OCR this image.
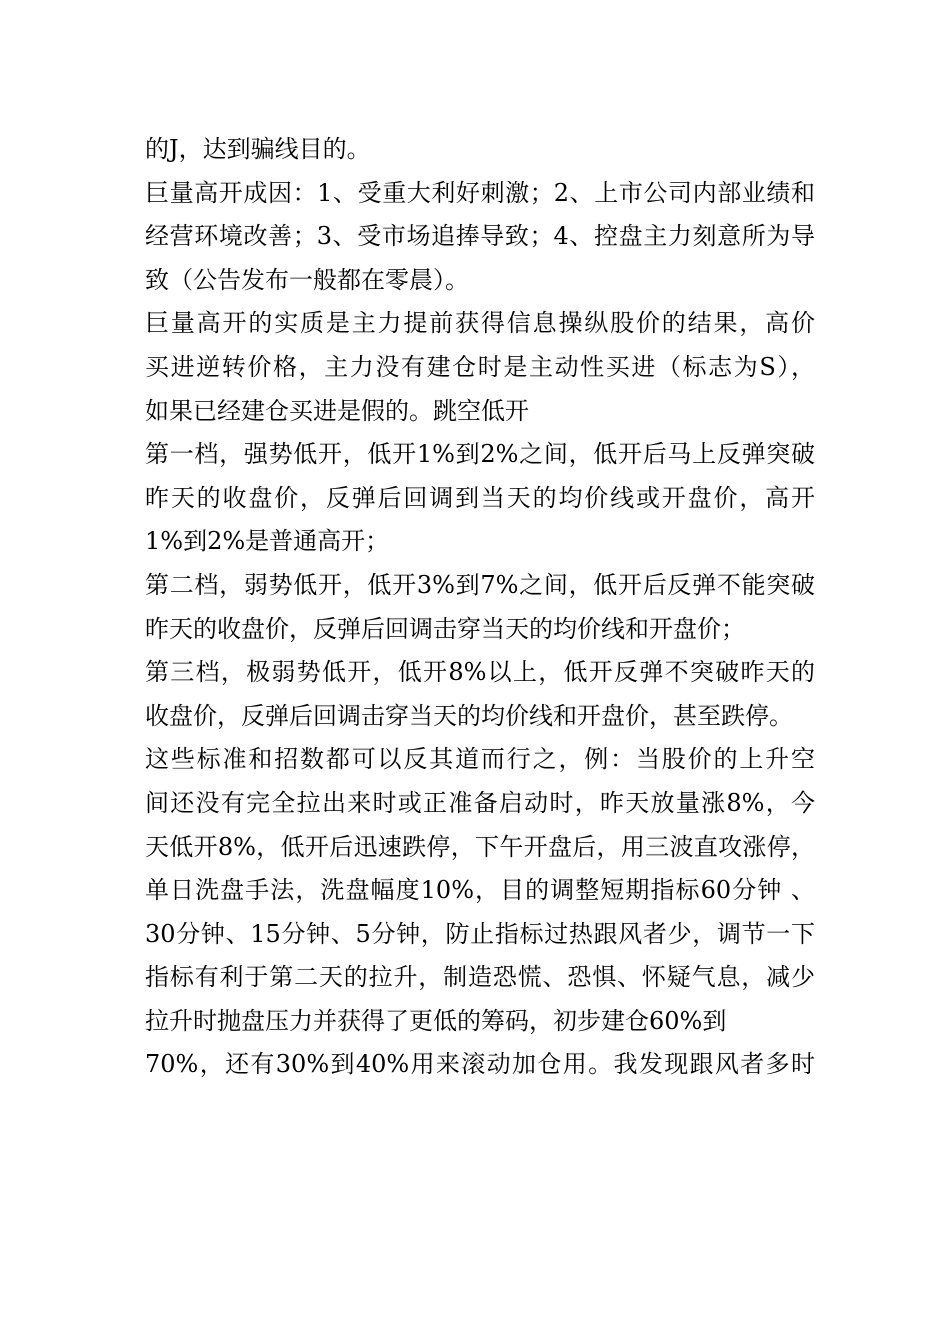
的J，达到骗线目的。
巨量高开成因：1、受重大利好刺激；2、上市公司内部业绩和
经营环境改善；3、受市场追捧导致；4、控盘主力刻意所为导
致（公告发布一般都在零晨）。
巨量高开的实质是主力提前获得信息操纵股价的结果，高价
买进逆转价格，主力没有建仓时是主动性买进（标志为S），
如果已经建仓买进是假的。跳空低开
第一档，强势低开，低开1%到2%之间，低开后马上反弹突破
昨天的收盘价，反弹后回调到当天的均价线或开盘价，高开
1%到2%是普通高开；
第二档，弱势低开，低开3%到7%之间，低开后反弹不能突破
昨天的收盘价，反弹后回调击穿当天的均价线和开盘价；
第三档，极弱势低开，低开8%以上，低开反弹不突破昨天的
收盘价，反弹后回调击穿当天的均价线和开盘价，甚至跌停。
这些标准和招数都可以反其道而行之，例：当股价的上升空
间还没有完全拉出来时或正准备启动时，昨天放量涨8%，今
天低开8%，低开后迅速跌停，下午开盘后，用三波直攻涨停，
单日洗盘手法，洗盘幅度10%，目的调整短期指标60分钟 、
30分钟、15分钟、5分钟，防止指标过热跟风者少，调节一下
指标有利于第二天的拉升，制造恐慌、恐惧、怀疑气息，减少
拉升时抛盘压力并获得了更低的筹码，初步建仓60%到
70%，还有30%到40%用来滚动加仓用。我发现跟风者多时
